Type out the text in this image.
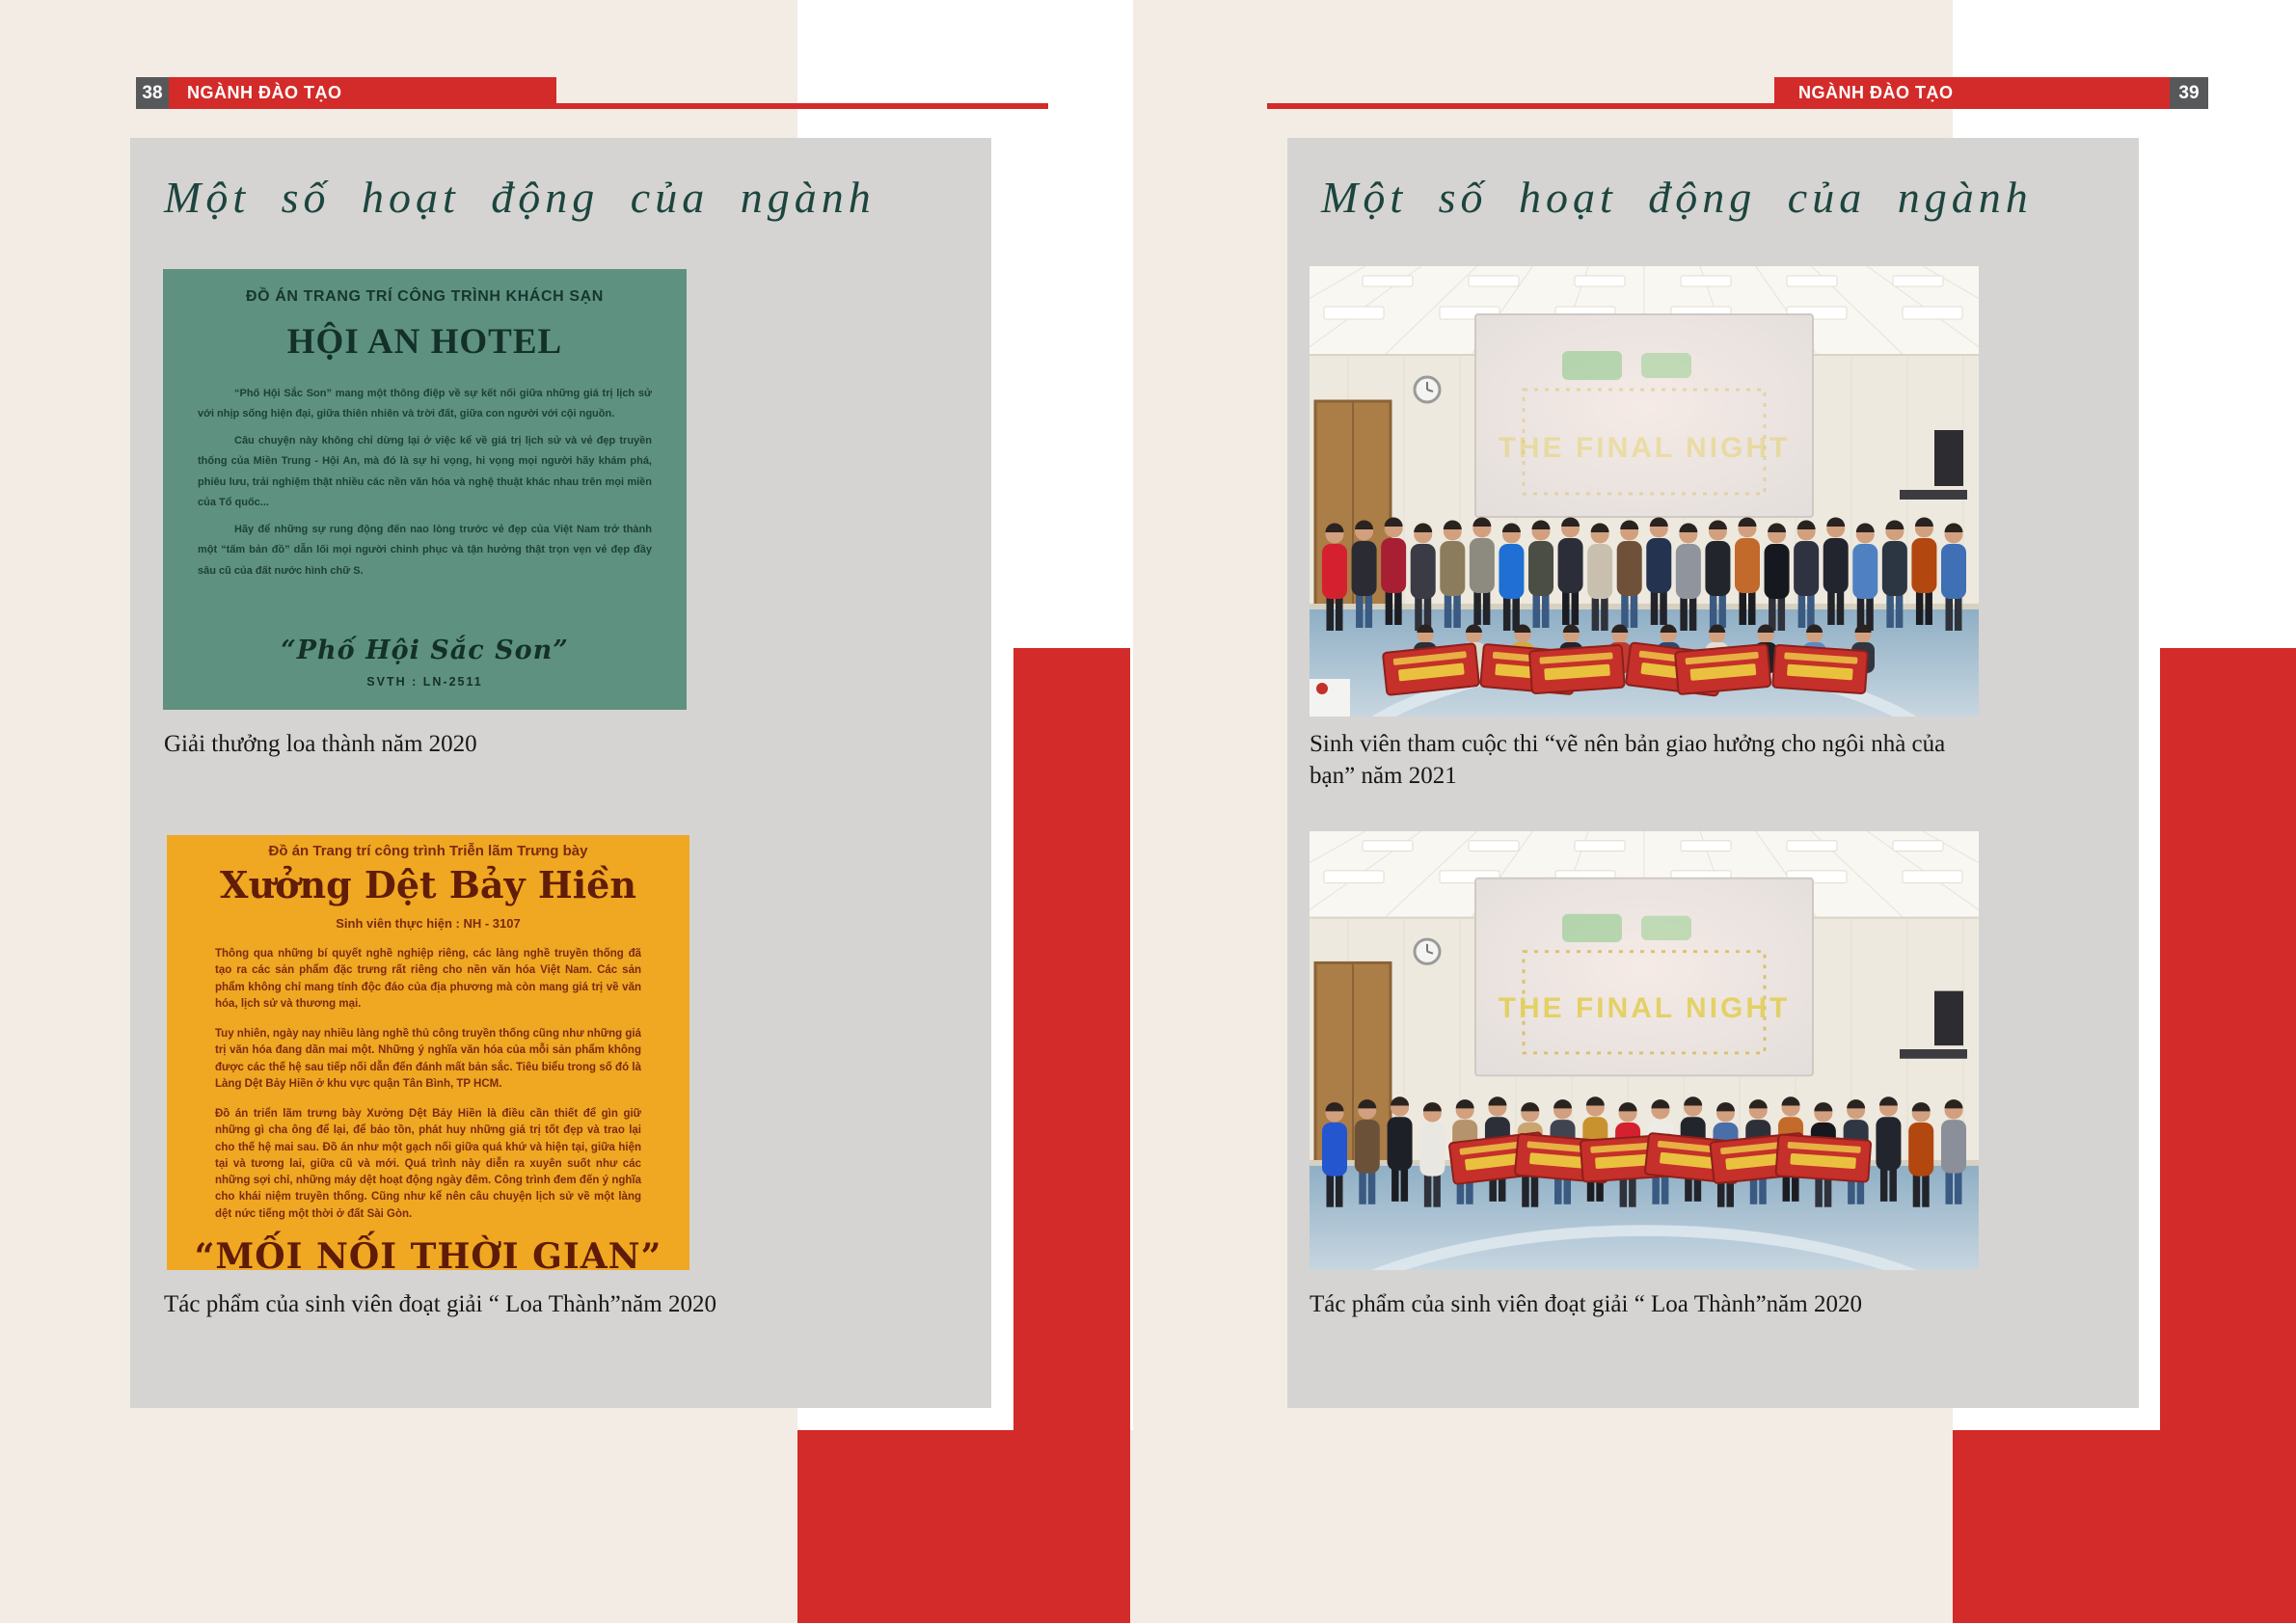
38 NGÀNH ĐÀO TẠO	NGÀNH ĐÀO TẠO	39
Một số hoạt động của ngành
ĐỒ ÁN TRANG TRÍ CÔNG TRÌNH KHÁCH SẠN
HỘI AN HOTEL

“Phố Hội Sắc Son” mang một thông điệp về sự kết nối giữa những giá trị lịch sử với nhịp sống hiện đại, giữa thiên nhiên và trời đất, giữa con người với cội nguồn.

Câu chuyện này không chỉ dừng lại ở việc kể về giá trị lịch sử và vẻ đẹp truyền thống của Miền Trung - Hội An, mà đó là sự hi vọng, hi vọng mọi người hãy khám phá, phiêu lưu, trải nghiệm thật nhiều các nền văn hóa và nghệ thuật khác nhau trên mọi miền của Tổ quốc...

Hãy để những sự rung động đến nao lòng trước vẻ đẹp của Việt Nam trở thành một “tấm bản đồ” dẫn lối mọi người chinh phục và tận hưởng thật trọn vẹn vẻ đẹp đầy sâu cũ của đất nước hình chữ S.

“Phố Hội Sắc Son”
SVTH : LN-2511
Giải thưởng loa thành năm 2020
Đồ án Trang trí công trình Triễn lãm Trưng bày
Xưởng Dệt Bảy Hiền
Sinh viên thực hiện : NH - 3107

Thông qua những bí quyết nghề nghiệp riêng, các làng nghề truyền thống đã tạo ra các sản phẩm đặc trưng rất riêng cho nền văn hóa Việt Nam. Các sản phẩm không chỉ mang tính độc đáo của địa phương mà còn mang giá trị về văn hóa, lịch sử và thương mại.

Tuy nhiên, ngày nay nhiều làng nghề thủ công truyền thống cũng như những giá trị văn hóa đang dần mai một. Những ý nghĩa văn hóa của mỗi sản phẩm không được các thế hệ sau tiếp nối dẫn đến đánh mất bản sắc. Tiêu biểu trong số đó là Làng Dệt Bảy Hiền ở khu vực quận Tân Bình, TP HCM.

Đồ án triển lãm trưng bày Xưởng Dệt Bảy Hiền là điều cần thiết để gìn giữ những gì cha ông để lại, để bảo tồn, phát huy những giá trị tốt đẹp và trao lại cho thế hệ mai sau. Đồ án như một gạch nối giữa quá khứ và hiện tại, giữa hiện tại và tương lai, giữa cũ và mới. Quá trình này diễn ra xuyên suốt như các những sợi chỉ, những máy dệt hoạt động ngày đêm. Công trình đem đến ý nghĩa cho khái niệm truyền thống. Cũng như kể nên câu chuyện lịch sử về một làng dệt nức tiếng một thời ở đất Sài Gòn.

“MỐI NỐI THỜI GIAN”
Tác phẩm của sinh viên đoạt giải “ Loa Thành”năm 2020
Một số hoạt động của ngành
THE FINAL NIGHT
Sinh viên tham cuộc thi “vẽ nên bản giao hưởng cho ngôi nhà của bạn” năm 2021
THE FINAL NIGHT
Tác phẩm của sinh viên đoạt giải “ Loa Thành”năm 2020
